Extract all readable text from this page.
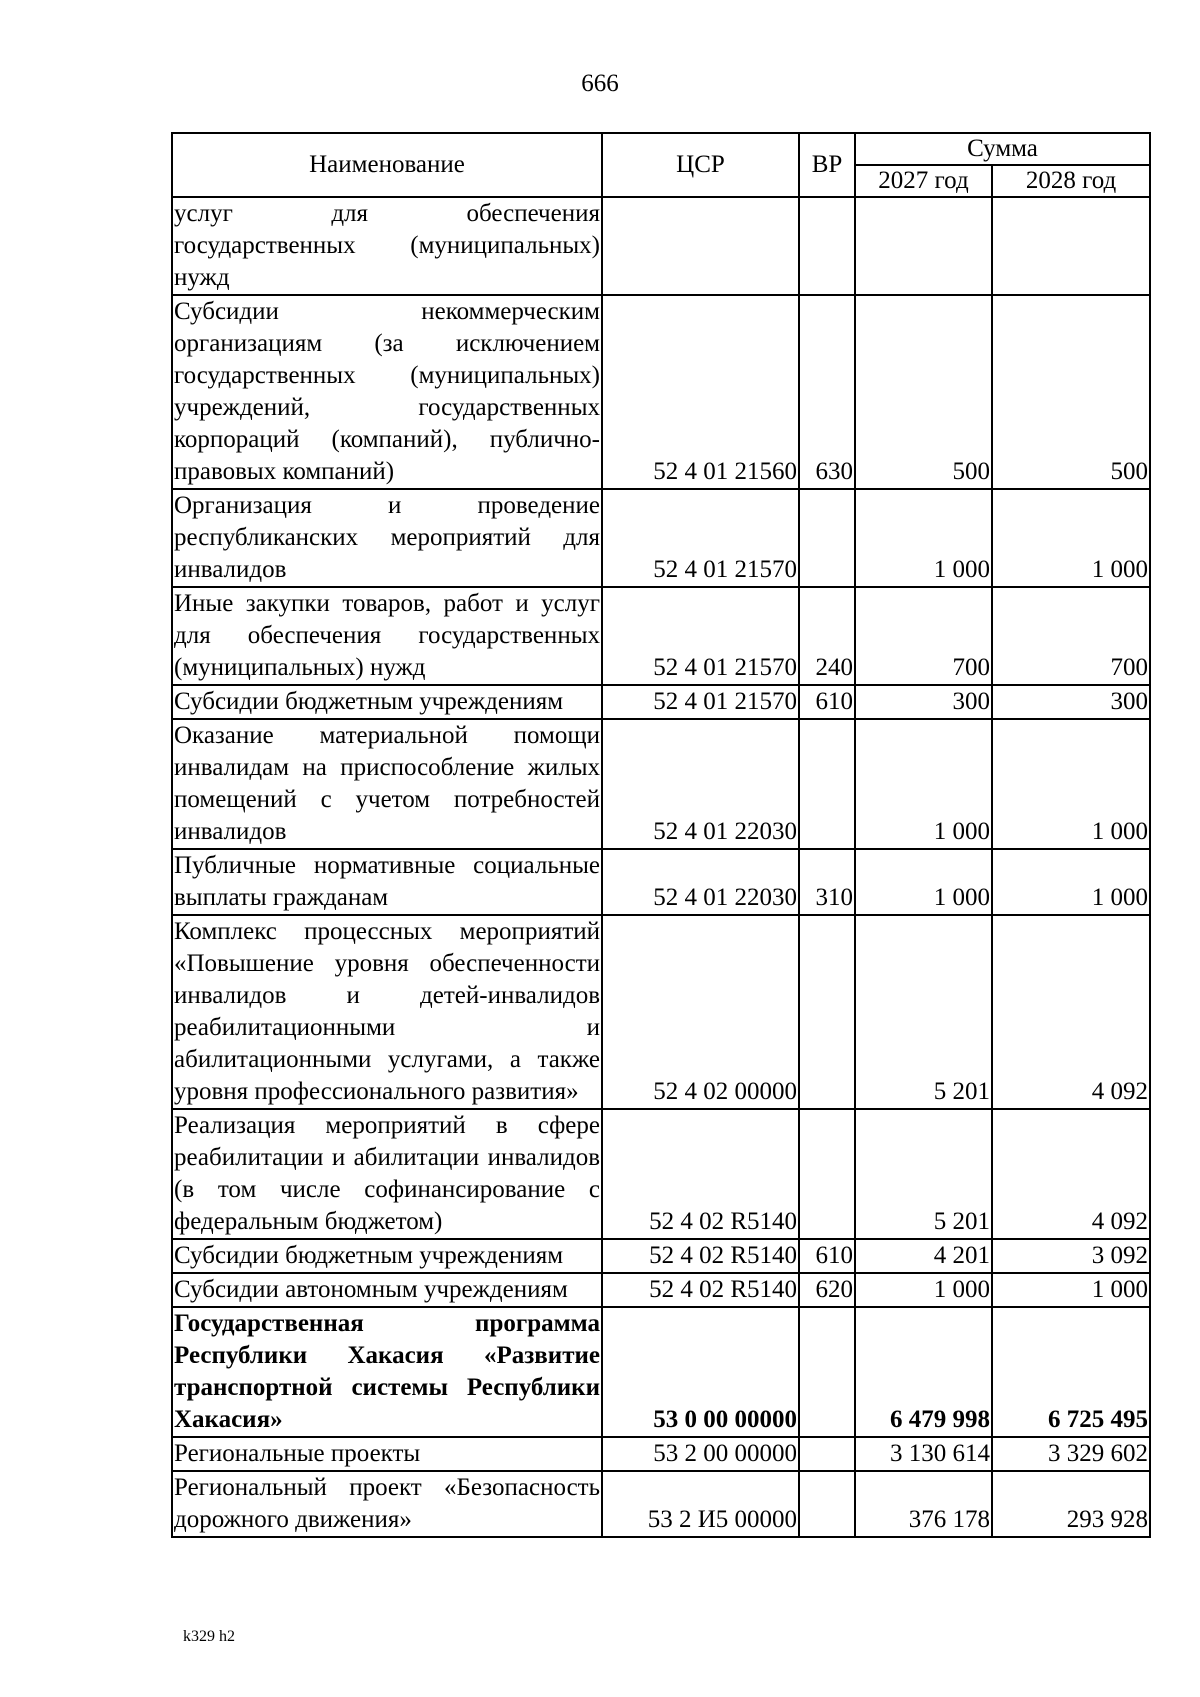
666
Наименование	ЦСР	ВР	Сумма	
			2027 год	2028 год
услуг для обеспечения государственных (муниципальных) нужд				
Субсидии некоммерческим организациям (за исключением государственных (муниципальных) учреждений, государственных корпораций (компаний), публично-правовых компаний)	52 4 01 21560	630	500	500
Организация и проведение республиканских мероприятий для инвалидов	52 4 01 21570		1 000	1 000
Иные закупки товаров, работ и услуг для обеспечения государственных (муниципальных) нужд	52 4 01 21570	240	700	700
Субсидии бюджетным учреждениям	52 4 01 21570	610	300	300
Оказание материальной помощи инвалидам на приспособление жилых помещений с учетом потребностей инвалидов	52 4 01 22030		1 000	1 000
Публичные нормативные социальные выплаты гражданам	52 4 01 22030	310	1 000	1 000
Комплекс процессных мероприятий «Повышение уровня обеспеченности инвалидов и детей-инвалидов реабилитационными и абилитационными услугами, а также уровня профессионального развития»	52 4 02 00000		5 201	4 092
Реализация мероприятий в сфере реабилитации и абилитации инвалидов (в том числе софинансирование с федеральным бюджетом)	52 4 02 R5140		5 201	4 092
Субсидии бюджетным учреждениям	52 4 02 R5140	610	4 201	3 092
Субсидии автономным учреждениям	52 4 02 R5140	620	1 000	1 000
Государственная программа Республики Хакасия «Развитие транспортной системы Республики Хакасия»	53 0 00 00000		6 479 998	6 725 495
Региональные проекты	53 2 00 00000		3 130 614	3 329 602
Региональный проект «Безопасность дорожного движения»	53 2 И5 00000		376 178	293 928
k329 h2
